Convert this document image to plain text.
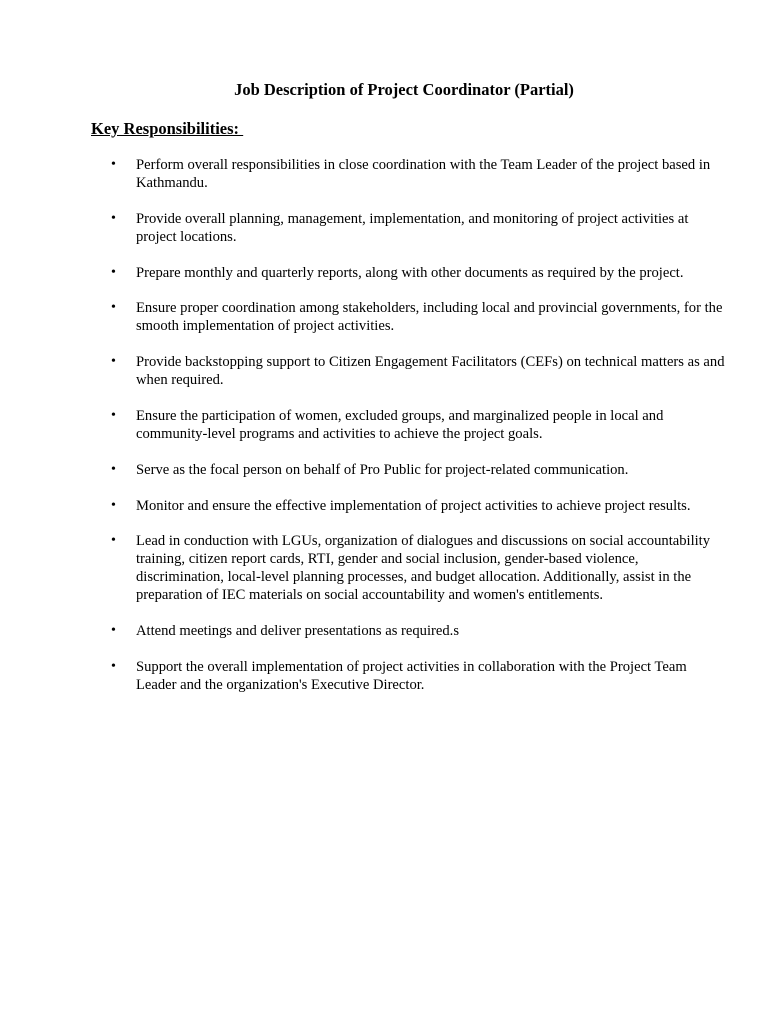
Job Description of Project Coordinator (Partial)
Key Responsibilities:
• Perform overall responsibilities in close coordination with the Team Leader of the project based in Kathmandu.
• Provide overall planning, management, implementation, and monitoring of project activities at project locations.
• Prepare monthly and quarterly reports, along with other documents as required by the project.
• Ensure proper coordination among stakeholders, including local and provincial governments, for the smooth implementation of project activities.
• Provide backstopping support to Citizen Engagement Facilitators (CEFs) on technical matters as and when required.
• Ensure the participation of women, excluded groups, and marginalized people in local and community-level programs and activities to achieve the project goals.
• Serve as the focal person on behalf of Pro Public for project-related communication.
• Monitor and ensure the effective implementation of project activities to achieve project results.
• Lead in conduction with LGUs, organization of dialogues and discussions on social accountability training, citizen report cards, RTI, gender and social inclusion, gender-based violence, discrimination, local-level planning processes, and budget allocation. Additionally, assist in the preparation of IEC materials on social accountability and women's entitlements.
• Attend meetings and deliver presentations as required.s
• Support the overall implementation of project activities in collaboration with the Project Team Leader and the organization's Executive Director.
